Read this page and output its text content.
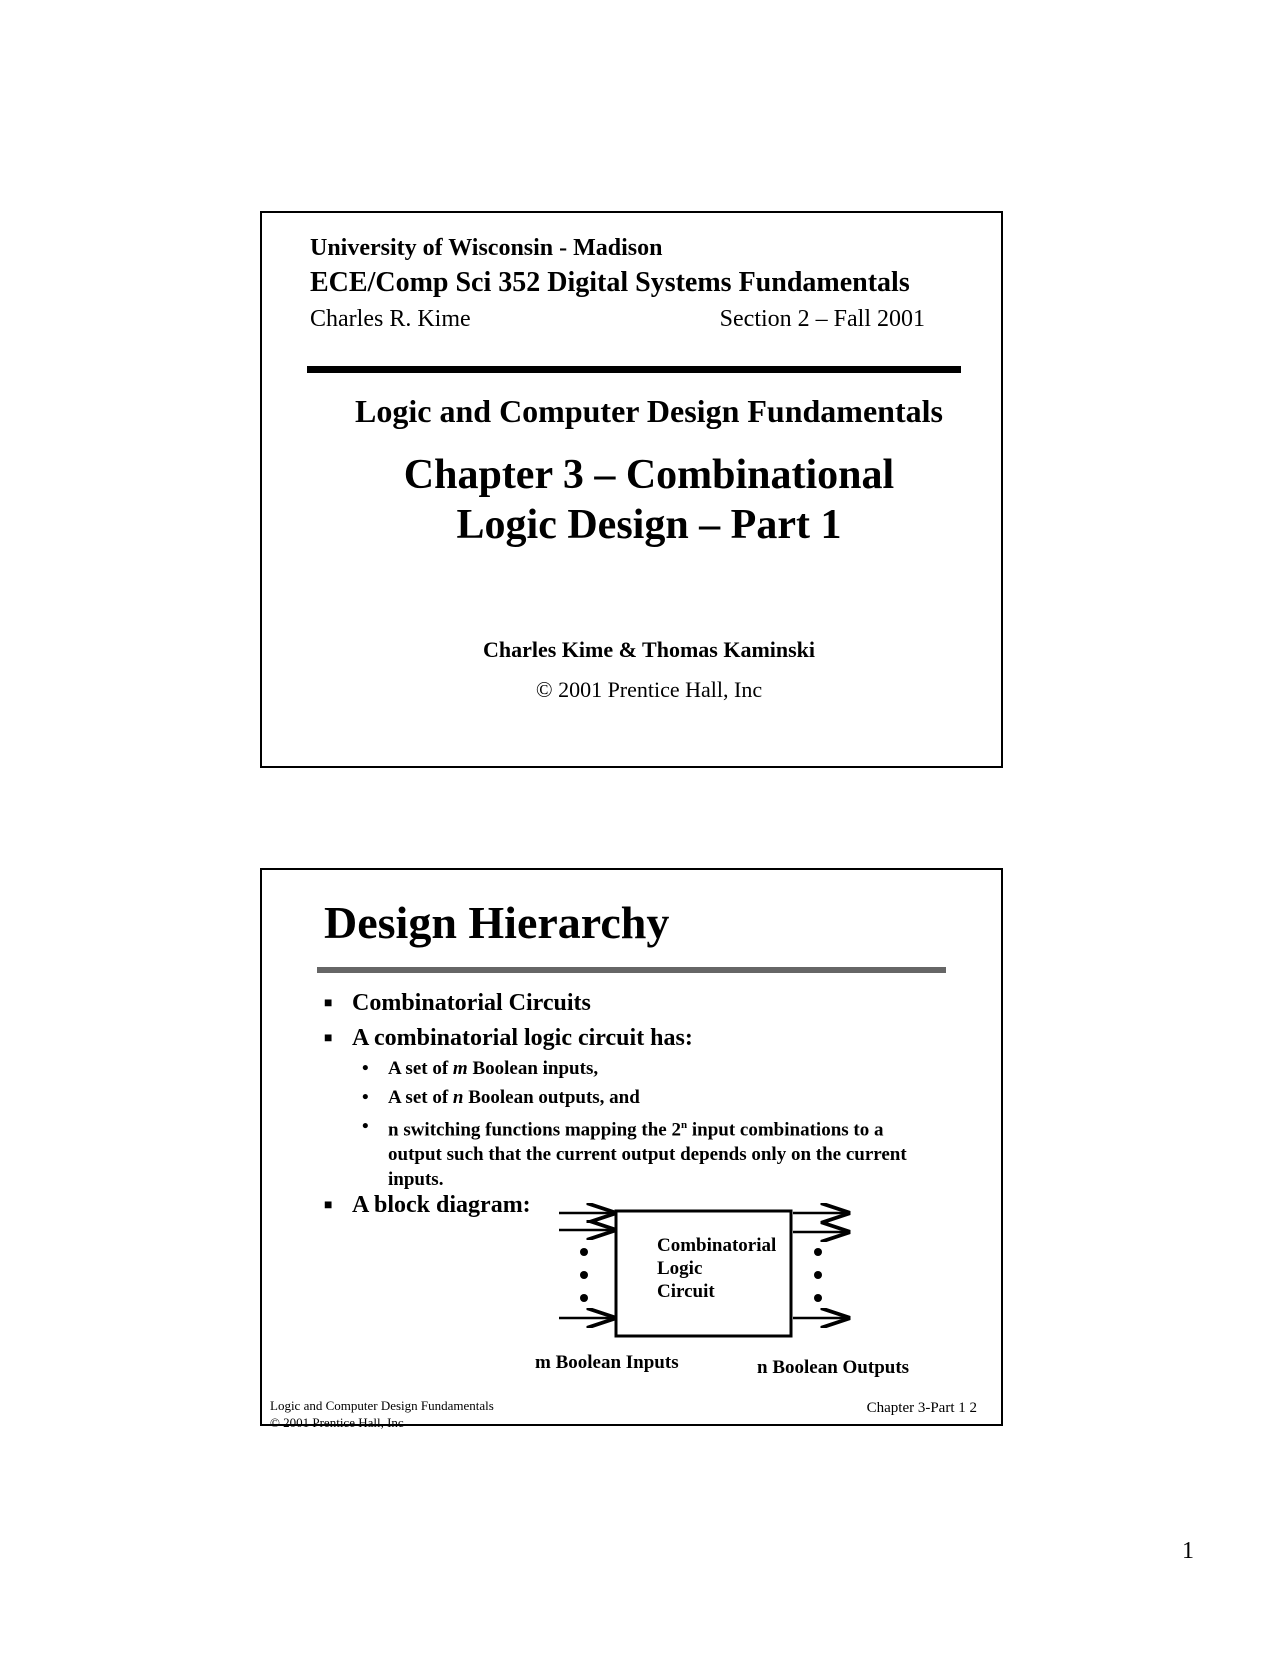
University of Wisconsin - Madison
ECE/Comp Sci 352 Digital Systems Fundamentals
Charles R. Kime	Section 2 – Fall 2001
Logic and Computer Design Fundamentals
Chapter 3 – Combinational
Logic Design – Part 1
Charles Kime & Thomas Kaminski
© 2001 Prentice Hall, Inc
Design Hierarchy
■ Combinatorial Circuits
■ A combinatorial logic circuit has:
• A set of m Boolean inputs,
• A set of n Boolean outputs, and
•	n switching functions mapping the 2$^n$ input combinations to a output such that the current output depends only on the current inputs.
■ A block diagram:
Combinatorial
Logic
Circuit
m Boolean Inputs	n Boolean Outputs
Logic and Computer Design Fundamentals
© 2001 Prentice Hall, Inc
Chapter 3-Part 1 2
1
